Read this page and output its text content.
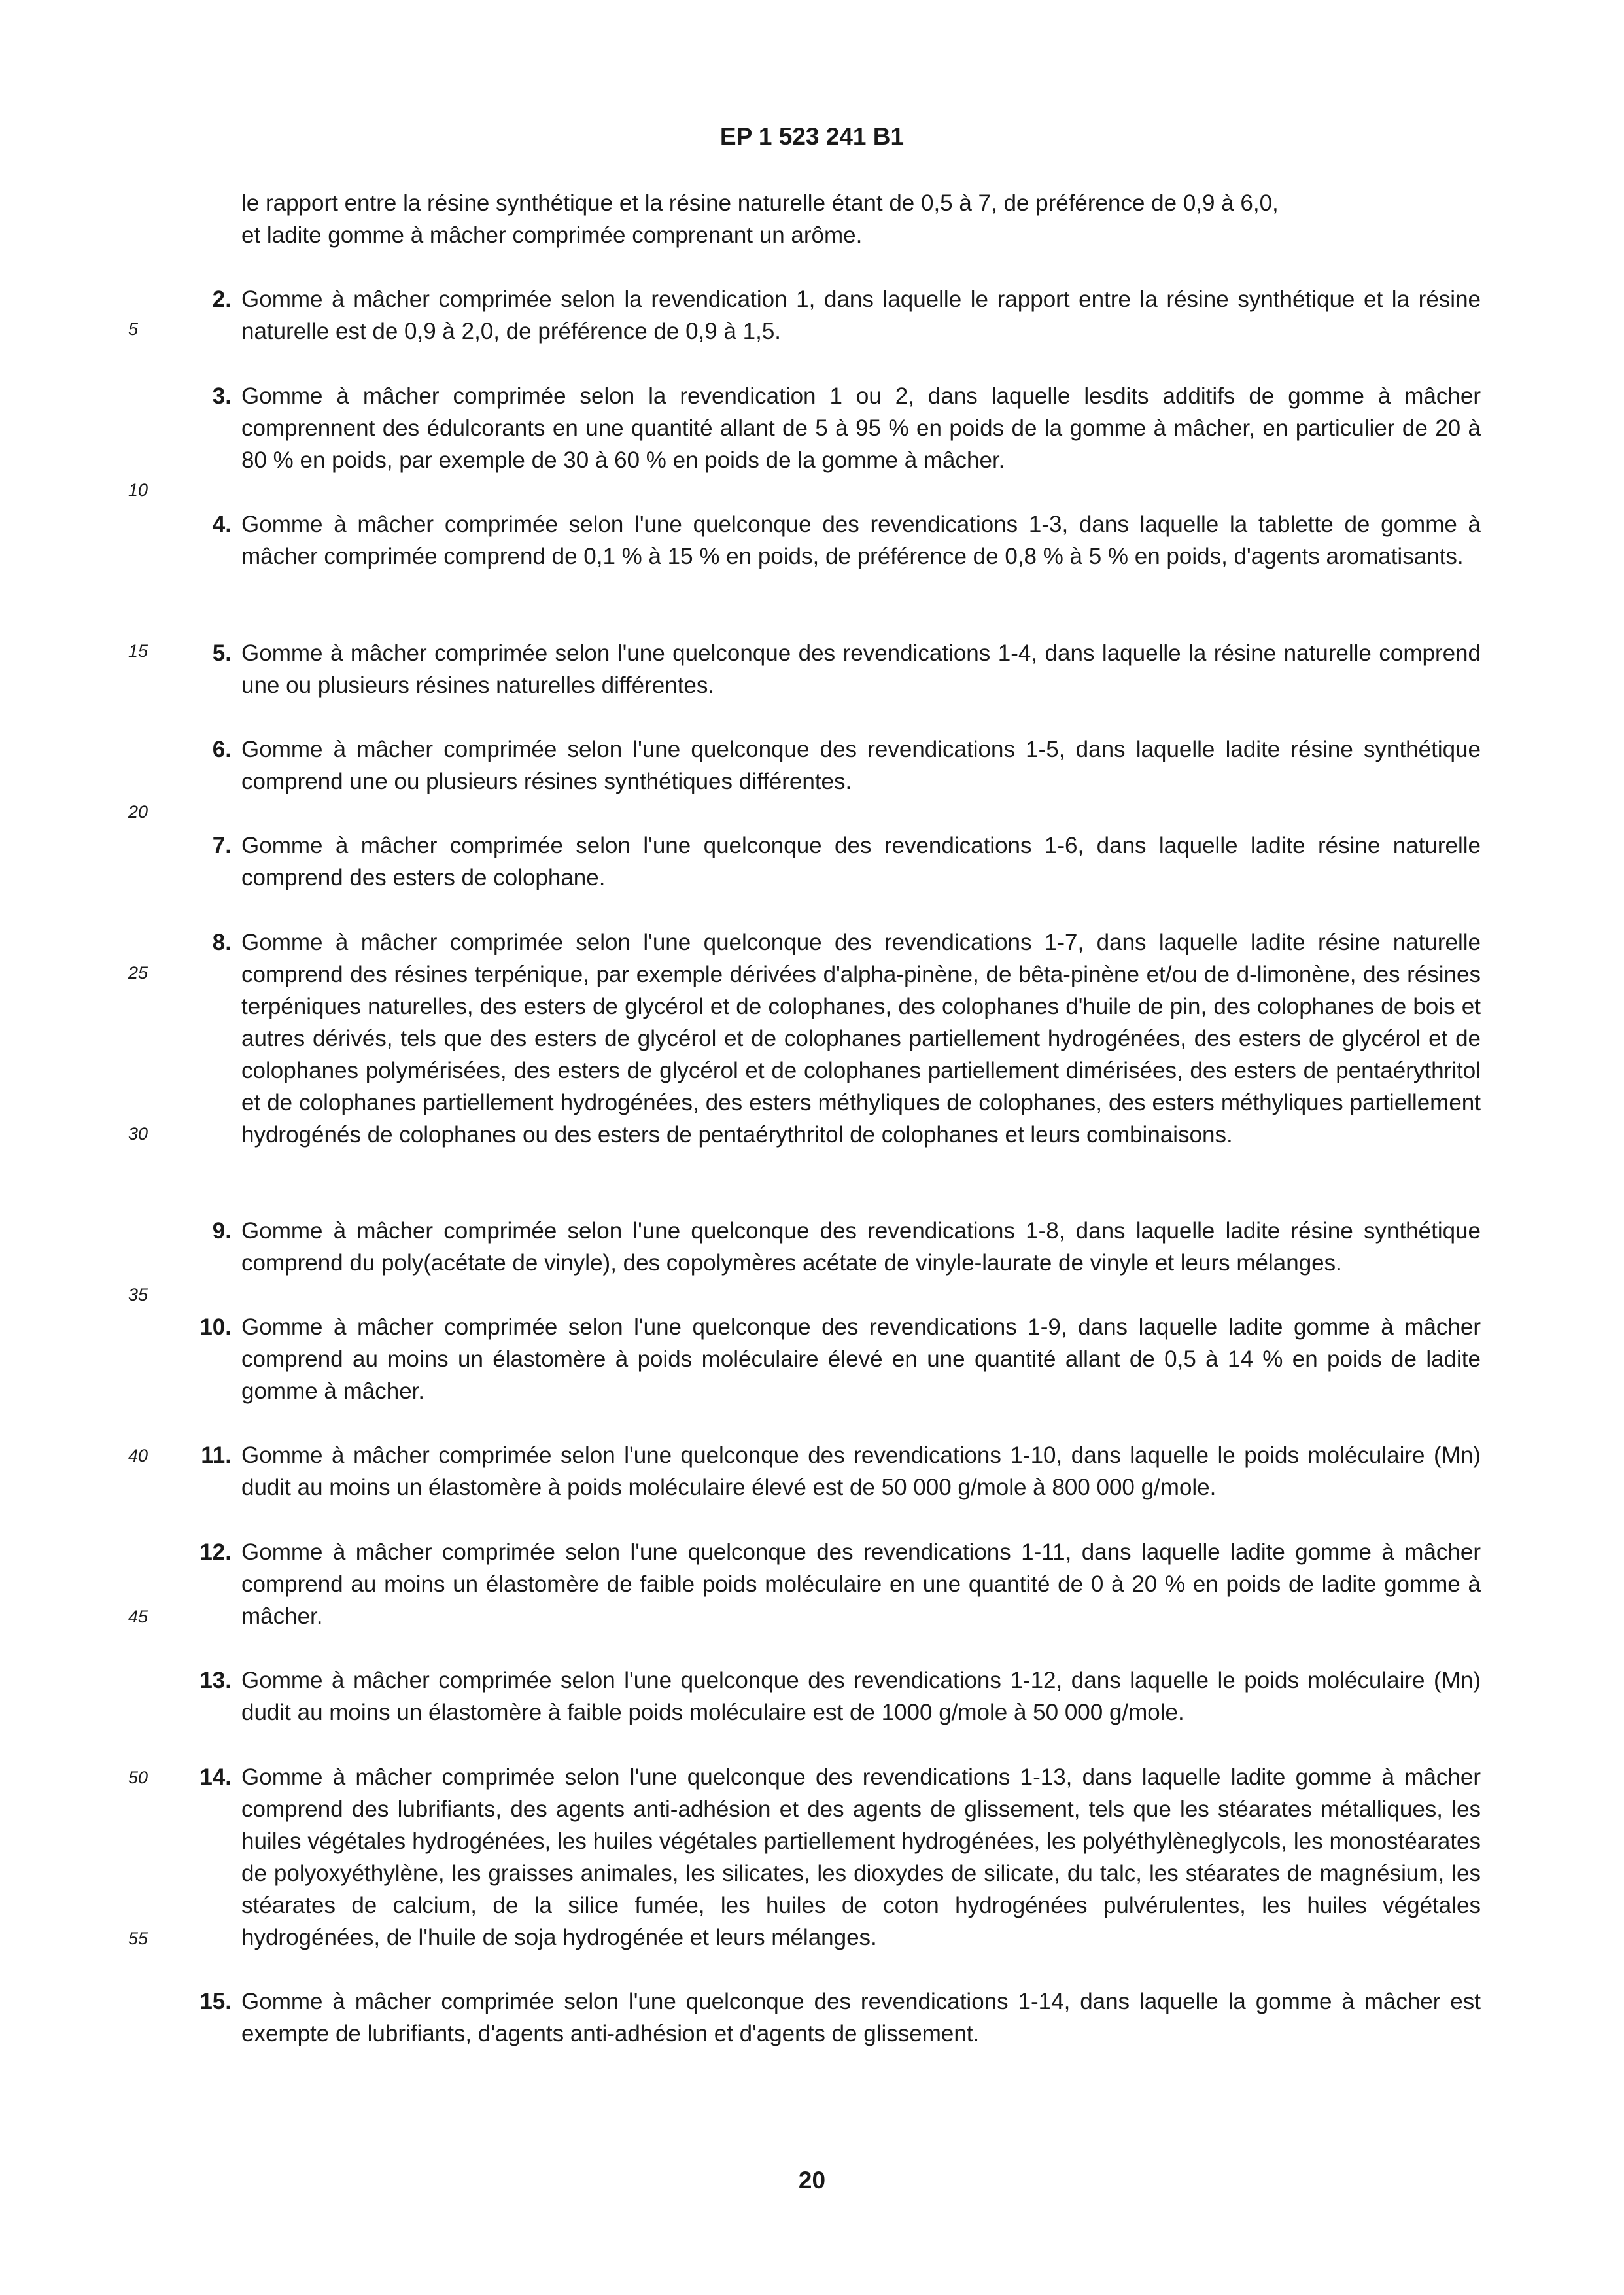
EP 1 523 241 B1
le rapport entre la résine synthétique et la résine naturelle étant de 0,5 à 7, de préférence de 0,9 à 6,0,
et ladite gomme à mâcher comprimée comprenant un arôme.
5
10
15
20
25
30
35
40
45
50
55
2. Gomme à mâcher comprimée selon la revendication 1, dans laquelle le rapport entre la résine synthétique et la résine naturelle est de 0,9 à 2,0, de préférence de 0,9 à 1,5.
3. Gomme à mâcher comprimée selon la revendication 1 ou 2, dans laquelle lesdits additifs de gomme à mâcher comprennent des édulcorants en une quantité allant de 5 à 95 % en poids de la gomme à mâcher, en particulier de 20 à 80 % en poids, par exemple de 30 à 60 % en poids de la gomme à mâcher.
4. Gomme à mâcher comprimée selon l'une quelconque des revendications 1-3, dans laquelle la tablette de gomme à mâcher comprimée comprend de 0,1 % à 15 % en poids, de préférence de 0,8 % à 5 % en poids, d'agents aromatisants.
5. Gomme à mâcher comprimée selon l'une quelconque des revendications 1-4, dans laquelle la résine naturelle comprend une ou plusieurs résines naturelles différentes.
6. Gomme à mâcher comprimée selon l'une quelconque des revendications 1-5, dans laquelle ladite résine synthétique comprend une ou plusieurs résines synthétiques différentes.
7. Gomme à mâcher comprimée selon l'une quelconque des revendications 1-6, dans laquelle ladite résine naturelle comprend des esters de colophane.
8. Gomme à mâcher comprimée selon l'une quelconque des revendications 1-7, dans laquelle ladite résine naturelle comprend des résines terpénique, par exemple dérivées d'alpha-pinène, de bêta-pinène et/ou de d-limonène, des résines terpéniques naturelles, des esters de glycérol et de colophanes, des colophanes d'huile de pin, des colophanes de bois et autres dérivés, tels que des esters de glycérol et de colophanes partiellement hydrogénées, des esters de glycérol et de colophanes polymérisées, des esters de glycérol et de colophanes partiellement dimérisées, des esters de pentaérythritol et de colophanes partiellement hydrogénées, des esters méthyliques de colophanes, des esters méthyliques partiellement hydrogénés de colophanes ou des esters de pentaérythritol de colophanes et leurs combinaisons.
9. Gomme à mâcher comprimée selon l'une quelconque des revendications 1-8, dans laquelle ladite résine synthétique comprend du poly(acétate de vinyle), des copolymères acétate de vinyle-laurate de vinyle et leurs mélanges.
10. Gomme à mâcher comprimée selon l'une quelconque des revendications 1-9, dans laquelle ladite gomme à mâcher comprend au moins un élastomère à poids moléculaire élevé en une quantité allant de 0,5 à 14 % en poids de ladite gomme à mâcher.
11. Gomme à mâcher comprimée selon l'une quelconque des revendications 1-10, dans laquelle le poids moléculaire (Mn) dudit au moins un élastomère à poids moléculaire élevé est de 50 000 g/mole à 800 000 g/mole.
12. Gomme à mâcher comprimée selon l'une quelconque des revendications 1-11, dans laquelle ladite gomme à mâcher comprend au moins un élastomère de faible poids moléculaire en une quantité de 0 à 20 % en poids de ladite gomme à mâcher.
13. Gomme à mâcher comprimée selon l'une quelconque des revendications 1-12, dans laquelle le poids moléculaire (Mn) dudit au moins un élastomère à faible poids moléculaire est de 1000 g/mole à 50 000 g/mole.
14. Gomme à mâcher comprimée selon l'une quelconque des revendications 1-13, dans laquelle ladite gomme à mâcher comprend des lubrifiants, des agents anti-adhésion et des agents de glissement, tels que les stéarates métalliques, les huiles végétales hydrogénées, les huiles végétales partiellement hydrogénées, les polyéthylèneglycols, les monostéarates de polyoxyéthylène, les graisses animales, les silicates, les dioxydes de silicate, du talc, les stéarates de magnésium, les stéarates de calcium, de la silice fumée, les huiles de coton hydrogénées pulvérulentes, les huiles végétales hydrogénées, de l'huile de soja hydrogénée et leurs mélanges.
15. Gomme à mâcher comprimée selon l'une quelconque des revendications 1-14, dans laquelle la gomme à mâcher est exempte de lubrifiants, d'agents anti-adhésion et d'agents de glissement.
20
